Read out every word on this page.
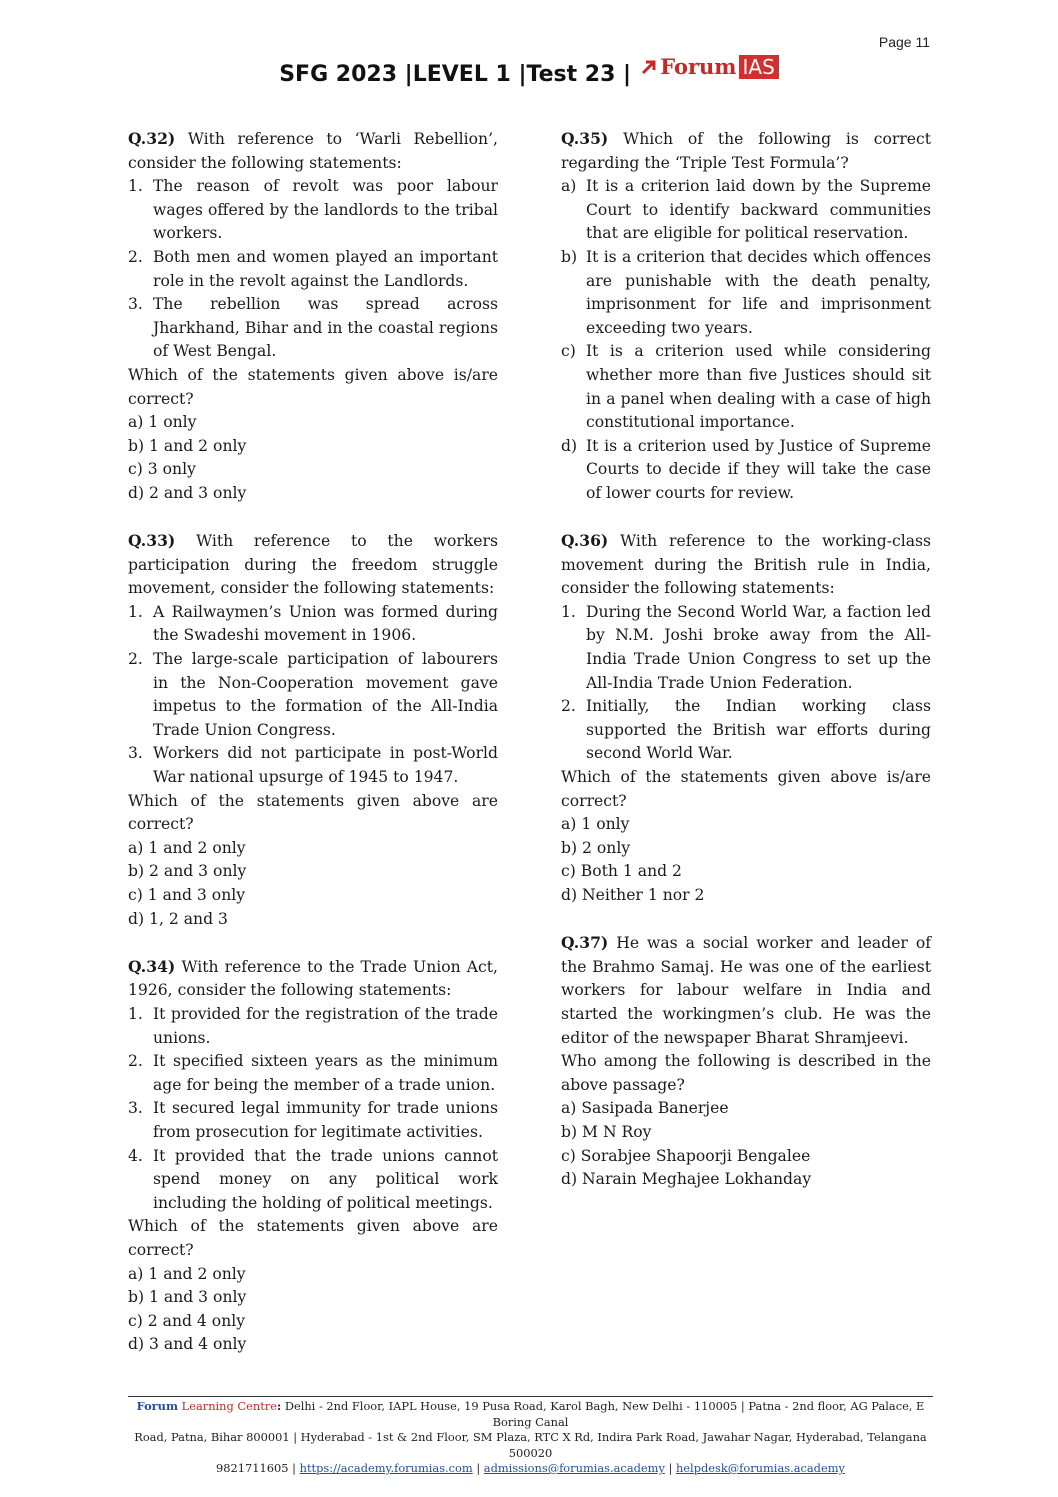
Page 11
SFG 2023 |LEVEL 1 |Test 23 | Forum IAS
Q.32) With reference to ‘Warli Rebellion’, consider the following statements:
1. The reason of revolt was poor labour wages offered by the landlords to the tribal workers.
2. Both men and women played an important role in the revolt against the Landlords.
3. The rebellion was spread across Jharkhand, Bihar and in the coastal regions of West Bengal.
Which of the statements given above is/are correct?
a) 1 only
b) 1 and 2 only
c) 3 only
d) 2 and 3 only
Q.33) With reference to the workers participation during the freedom struggle movement, consider the following statements:
1. A Railwaymen’s Union was formed during the Swadeshi movement in 1906.
2. The large-scale participation of labourers in the Non-Cooperation movement gave impetus to the formation of the All-India Trade Union Congress.
3. Workers did not participate in post-World War national upsurge of 1945 to 1947.
Which of the statements given above are correct?
a) 1 and 2 only
b) 2 and 3 only
c) 1 and 3 only
d) 1, 2 and 3
Q.34) With reference to the Trade Union Act, 1926, consider the following statements:
1. It provided for the registration of the trade unions.
2. It specified sixteen years as the minimum age for being the member of a trade union.
3. It secured legal immunity for trade unions from prosecution for legitimate activities.
4. It provided that the trade unions cannot spend money on any political work including the holding of political meetings.
Which of the statements given above are correct?
a) 1 and 2 only
b) 1 and 3 only
c) 2 and 4 only
d) 3 and 4 only
Q.35) Which of the following is correct regarding the ‘Triple Test Formula’?
a) It is a criterion laid down by the Supreme Court to identify backward communities that are eligible for political reservation.
b) It is a criterion that decides which offences are punishable with the death penalty, imprisonment for life and imprisonment exceeding two years.
c) It is a criterion used while considering whether more than five Justices should sit in a panel when dealing with a case of high constitutional importance.
d) It is a criterion used by Justice of Supreme Courts to decide if they will take the case of lower courts for review.
Q.36) With reference to the working-class movement during the British rule in India, consider the following statements:
1. During the Second World War, a faction led by N.M. Joshi broke away from the All-India Trade Union Congress to set up the All-India Trade Union Federation.
2. Initially, the Indian working class supported the British war efforts during second World War.
Which of the statements given above is/are correct?
a) 1 only
b) 2 only
c) Both 1 and 2
d) Neither 1 nor 2
Q.37) He was a social worker and leader of the Brahmo Samaj. He was one of the earliest workers for labour welfare in India and started the workingmen’s club. He was the editor of the newspaper Bharat Shramjeevi.
Who among the following is described in the above passage?
a) Sasipada Banerjee
b) M N Roy
c) Sorabjee Shapoorji Bengalee
d) Narain Meghajee Lokhanday
Forum Learning Centre: Delhi - 2nd Floor, IAPL House, 19 Pusa Road, Karol Bagh, New Delhi - 110005 | Patna - 2nd floor, AG Palace, E Boring Canal
Road, Patna, Bihar 800001 | Hyderabad - 1st & 2nd Floor, SM Plaza, RTC X Rd, Indira Park Road, Jawahar Nagar, Hyderabad, Telangana 500020
9821711605 | https://academy.forumias.com | admissions@forumias.academy | helpdesk@forumias.academy
